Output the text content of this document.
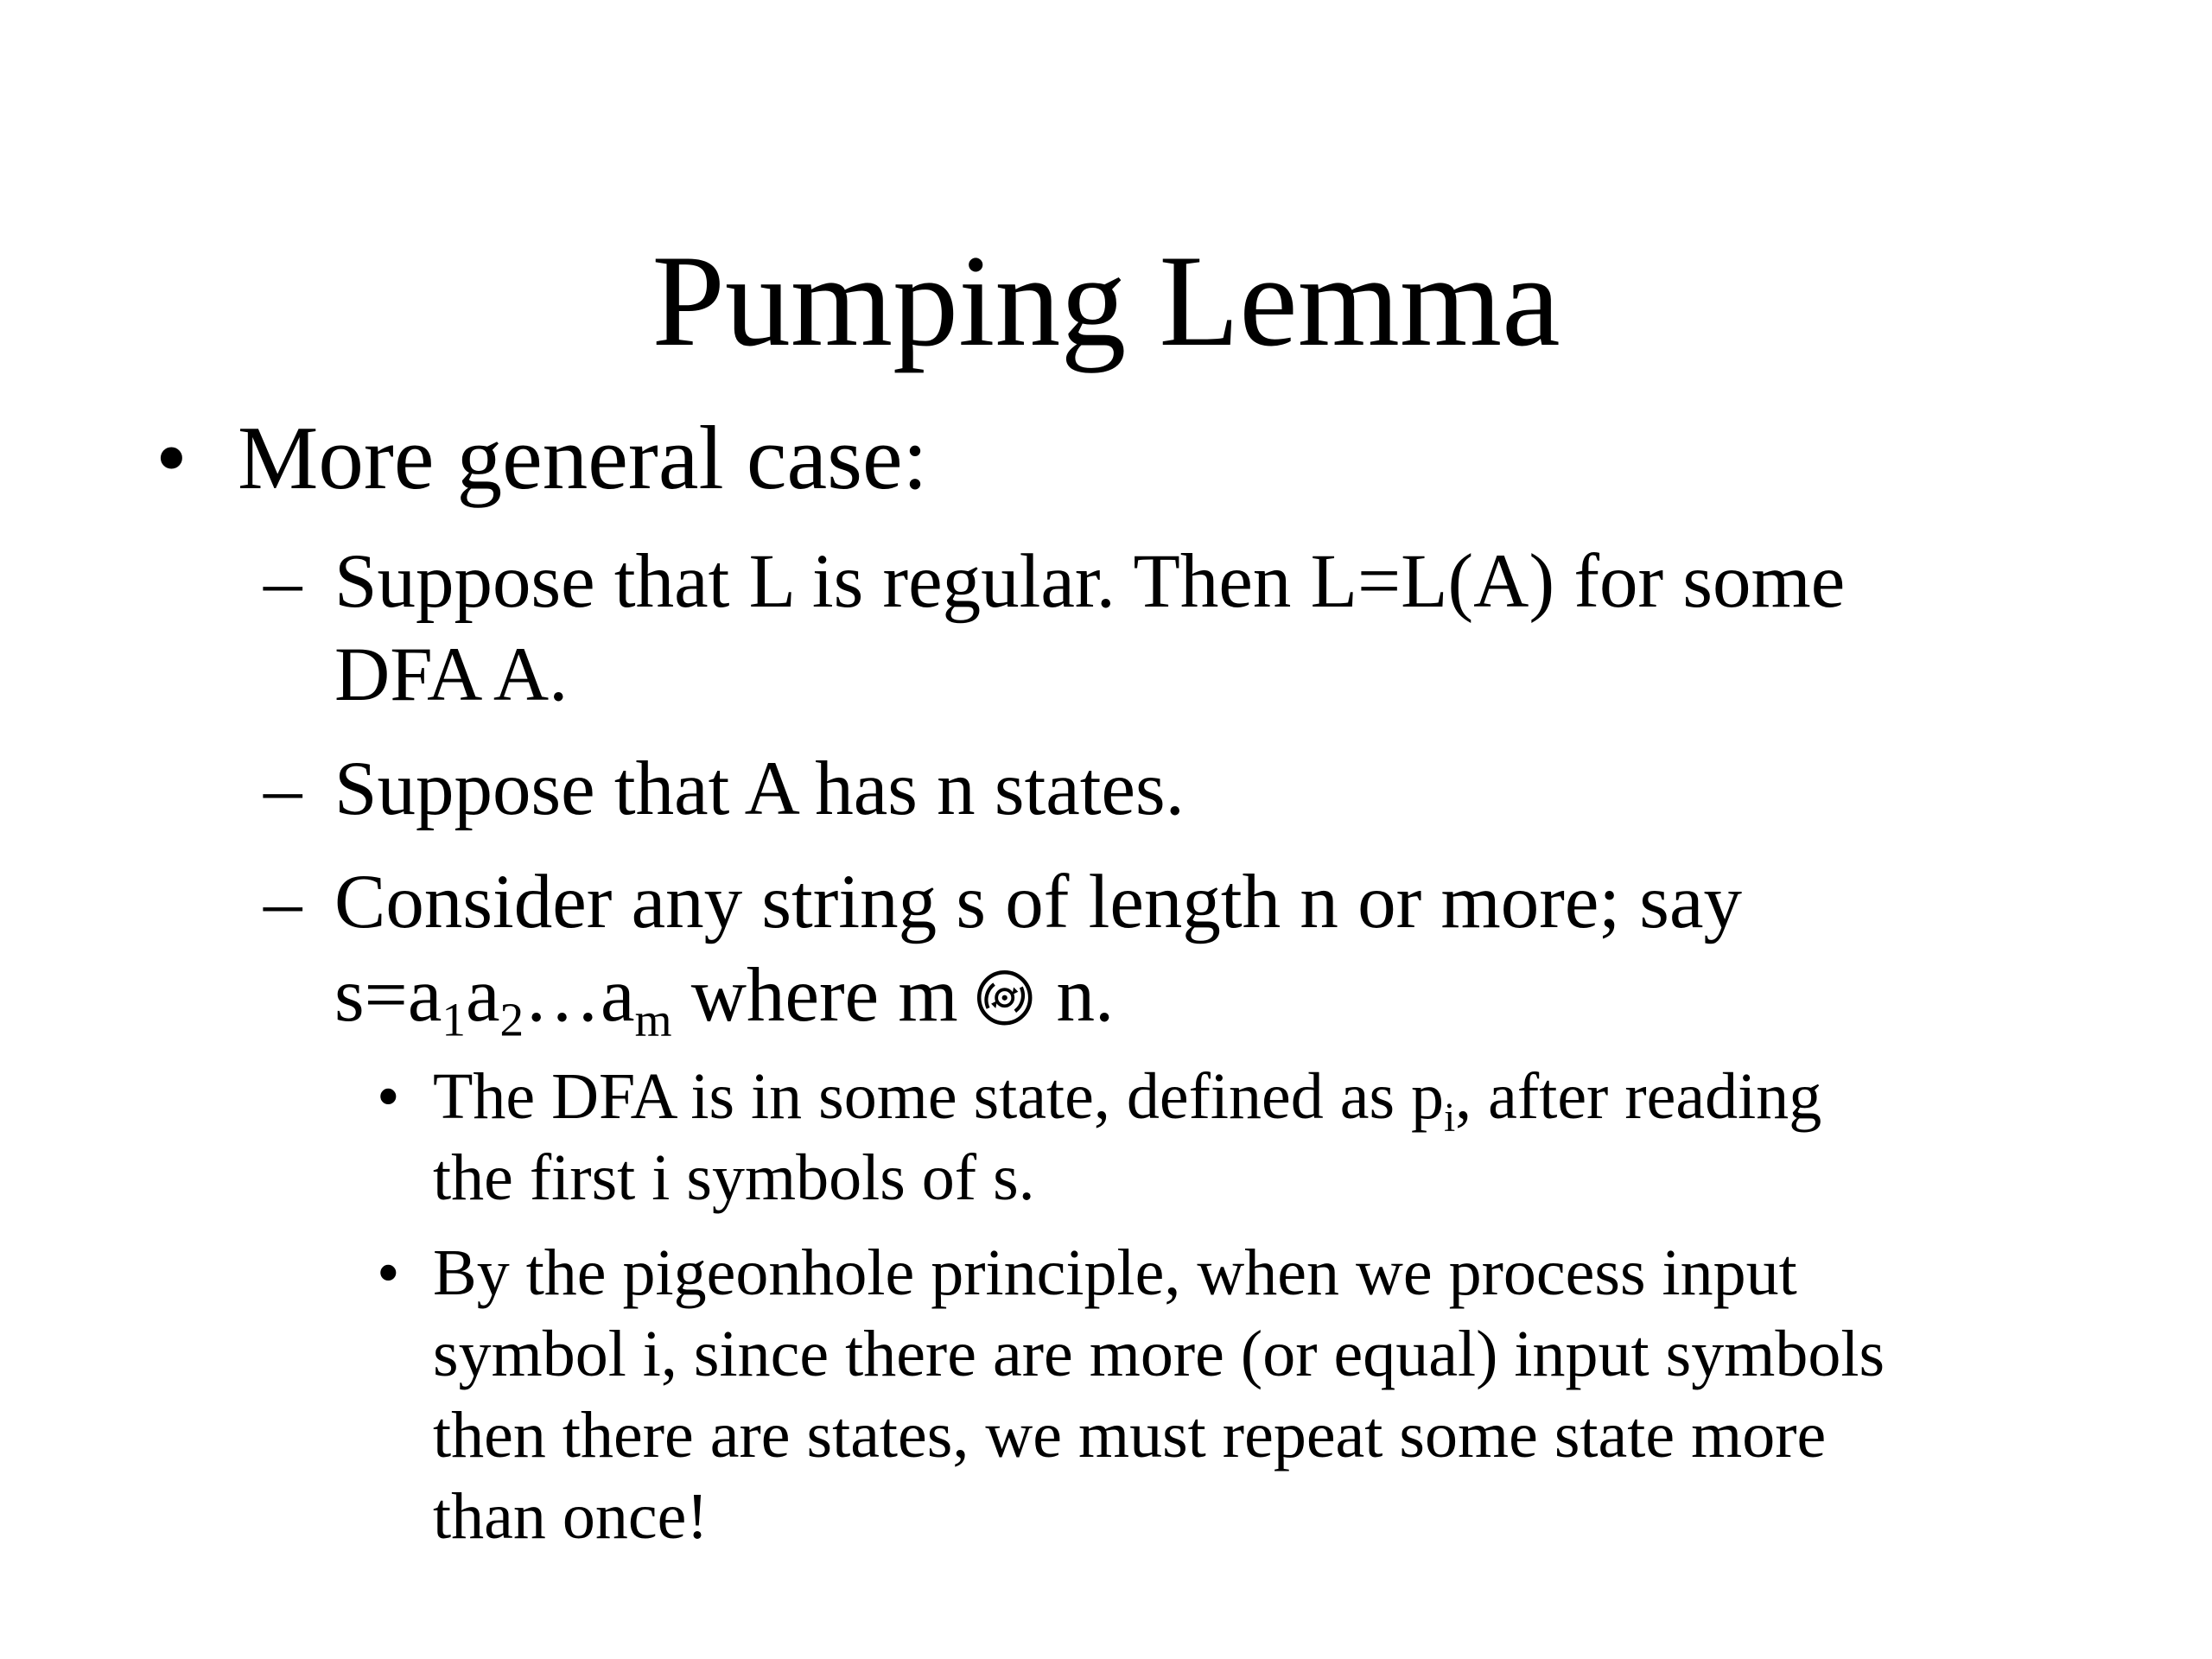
Pumping Lemma
• More general case:
– Suppose that L is regular. Then L=L(A) for some
DFA A.
– Suppose that A has n states.
– Consider any string s of length n or more; say
$s=a_1a_2\dots a_m$ where m n.
• The DFA is in some state, defined as $p_i$, after reading
the first i symbols of s.
• By the pigeonhole principle, when we process input
symbol i, since there are more (or equal) input symbols
then there are states, we must repeat some state more
than once!
